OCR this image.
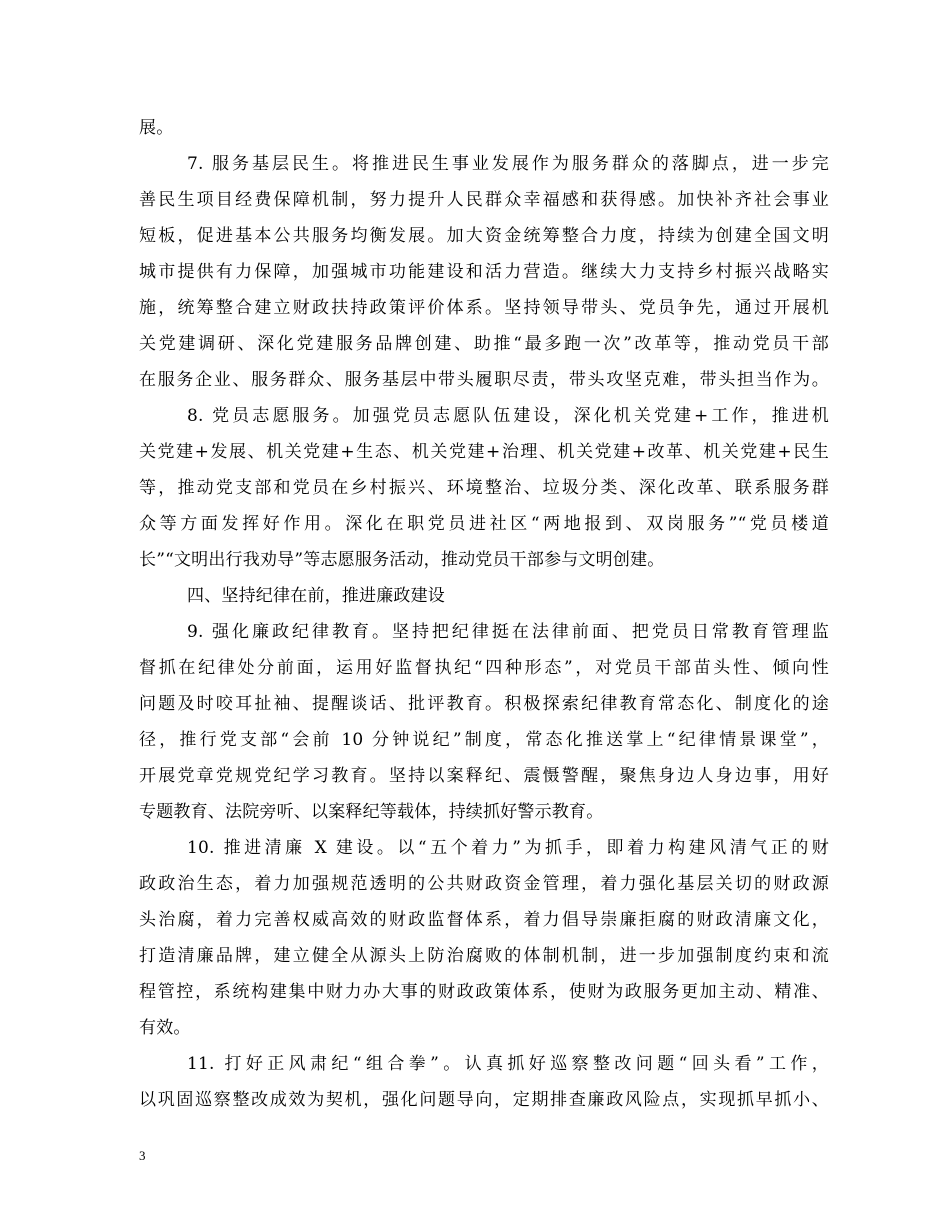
展。
7. 服务基层民生。将推进民生事业发展作为服务群众的落脚点，进一步完
善民生项目经费保障机制，努力提升人民群众幸福感和获得感。加快补齐社会事业
短板，促进基本公共服务均衡发展。加大资金统筹整合力度，持续为创建全国文明
城市提供有力保障，加强城市功能建设和活力营造。继续大力支持乡村振兴战略实
施，统筹整合建立财政扶持政策评价体系。坚持领导带头、党员争先，通过开展机
关党建调研、深化党建服务品牌创建、助推“最多跑一次”改革等，推动党员干部
在服务企业、服务群众、服务基层中带头履职尽责，带头攻坚克难，带头担当作为。
8. 党员志愿服务。加强党员志愿队伍建设，深化机关党建+工作，推进机
关党建+发展、机关党建+生态、机关党建+治理、机关党建+改革、机关党建+民生
等，推动党支部和党员在乡村振兴、环境整治、垃圾分类、深化改革、联系服务群
众等方面发挥好作用。深化在职党员进社区“两地报到、双岗服务”“党员楼道
长”“文明出行我劝导”等志愿服务活动，推动党员干部参与文明创建。
四、坚持纪律在前，推进廉政建设
9. 强化廉政纪律教育。坚持把纪律挺在法律前面、把党员日常教育管理监
督抓在纪律处分前面，运用好监督执纪“四种形态”，对党员干部苗头性、倾向性
问题及时咬耳扯袖、提醒谈话、批评教育。积极探索纪律教育常态化、制度化的途
径，推行党支部“会前 10 分钟说纪”制度，常态化推送掌上“纪律情景课堂”，
开展党章党规党纪学习教育。坚持以案释纪、震慑警醒，聚焦身边人身边事，用好
专题教育、法院旁听、以案释纪等载体，持续抓好警示教育。
10. 推进清廉 X 建设。以“五个着力”为抓手，即着力构建风清气正的财
政政治生态，着力加强规范透明的公共财政资金管理，着力强化基层关切的财政源
头治腐，着力完善权威高效的财政监督体系，着力倡导崇廉拒腐的财政清廉文化，
打造清廉品牌，建立健全从源头上防治腐败的体制机制，进一步加强制度约束和流
程管控，系统构建集中财力办大事的财政政策体系，使财为政服务更加主动、精准、
有效。
11. 打好正风肃纪“组合拳”。认真抓好巡察整改问题“回头看”工作，
以巩固巡察整改成效为契机，强化问题导向，定期排查廉政风险点，实现抓早抓小、
3
